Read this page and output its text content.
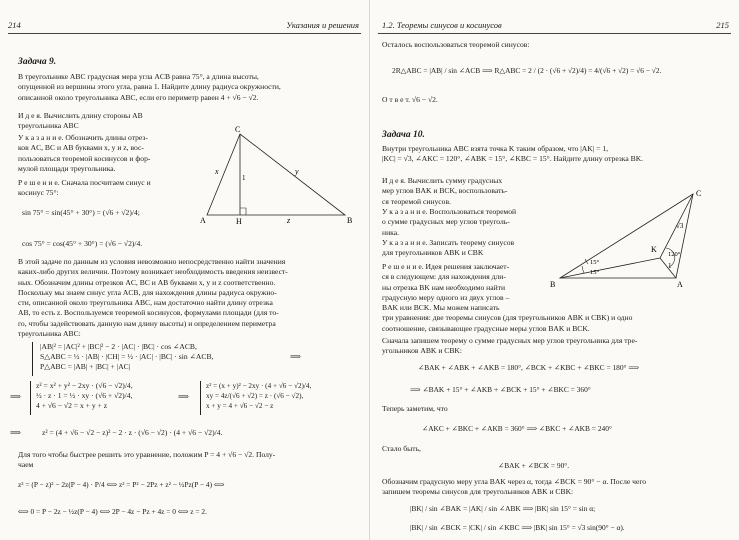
214	Указания и решения
Задача 9.
В треугольнике ABC градусная мера угла ACB равна 75°, а длина высоты,
опущенной из вершины этого угла, равна 1. Найдите длину радиуса окружности,
описанной около треугольника ABC, если его периметр равен 4 + √6 − √2.
И д е я. Вычислить длину стороны AB
треугольника ABC
У к а з а н и е. Обозначить длины отрез-
ков AC, BC и AB буквами x, y и z, вос-
пользоваться теоремой косинусов и фор-
мулой площади треугольника.
Р е ш е н и е. Сначала посчитаем синус и
косинус 75°:
sin 75° = sin(45° + 30°) = (√6 + √2)/4;
cos 75° = cos(45° + 30°) = (√6 − √2)/4.
C
A	B
H
x	y
z
1
В этой задаче по данным из условия невозможно непосредственно найти значения
каких-либо других величин. Поэтому возникает необходимость введения неизвест-
ных. Обозначим длины отрезков AC, BC и AB буквами x, y и z соответственно.
Поскольку мы знаем синус угла ACB, для нахождения длины радиуса окружно-
сти, описанной около треугольника ABC, нам достаточно найти длину отрезка
AB, то есть z. Воспользуемся теоремой косинусов, формулами площади (для то-
го, чтобы задействовать данную нам длину высоты) и определением периметра
треугольника ABC:
|AB|² = |AC|² + |BC|² − 2 · |AC| · |BC| · cos ∠ACB,
S△ABC = ½ · |AB| · |CH| = ½ · |AC| · |BC| · sin ∠ACB,
P△ABC = |AB| + |BC| + |AC|
⟹
⟹
z² = x² + y² − 2xy · (√6 − √2)/4,
½ · z · 1 = ½ · xy · (√6 + √2)/4,
4 + √6 − √2 = x + y + z
⟹
z² = (x + y)² − 2xy · (4 + √6 − √2)/4,
xy = 4z/(√6 + √2) = z · (√6 − √2),
x + y = 4 + √6 − √2 − z
⟹	z² = (4 + √6 − √2 − z)² − 2 · z · (√6 − √2) · (4 + √6 − √2)/4.
Для того чтобы быстрее решить это уравнение, положим P = 4 + √6 − √2. Полу-
чаем
z² = (P − z)² − 2z(P − 4) · P/4 ⟺ z² = P² − 2Pz + z² − ½Pz(P − 4) ⟺
⟺ 0 = P − 2z − ½z(P − 4) ⟺ 2P − 4z − Pz + 4z = 0 ⟺ z = 2.
1.2. Теоремы синусов и косинусов	215
Осталось воспользоваться теоремой синусов:
2R△ABC = |AB| / sin ∠ACB ⟹ R△ABC = 2 / (2 · (√6 + √2)/4) = 4/(√6 + √2) = √6 − √2.
О т в е т. √6 − √2.
Задача 10.
Внутри треугольника ABC взята точка K таким образом, что |AK| = 1,
|KC| = √3, ∠AKC = 120°, ∠ABK = 15°, ∠KBC = 15°. Найдите длину отрезка BK.
И д е я. Вычислить сумму градусных
мер углов BAK и BCK, воспользовать-
ся теоремой синусов.
У к а з а н и е. Воспользоваться теоремой
о сумме градусных мер углов треуголь-
ника.
У к а з а н и е. Записать теорему синусов
для треугольников ABK и CBK
Р е ш е н и е. Идея решения заключает-
ся в следующем: для нахождения дли-
ны отрезка BK нам необходимо найти
градусную меру одного из двух углов –
BAK или BCK. Мы можем написать
три уравнения: две теоремы синусов (для треугольников ABK и CBK) и одно
соотношение, связывающее градусные меры углов BAK и BCK.
C
B	A
K
1
√3
120°
15°
15°
Сначала запишем теорему о сумме градусных мер углов треугольника для тре-
угольников ABK и CBK:
∠BAK + ∠ABK + ∠AKB = 180°, ∠BCK + ∠KBC + ∠BKC = 180° ⟹
⟹ ∠BAK + 15° + ∠AKB + ∠BCK + 15° + ∠BKC = 360°
Теперь заметим, что
∠AKC + ∠BKC + ∠AKB = 360° ⟹ ∠BKC + ∠AKB = 240°
Стало быть,
∠BAK + ∠BCK = 90°.
Обозначим градусную меру угла BAK через α, тогда ∠BCK = 90° − α. После чего
запишем теоремы синусов для треугольников ABK и CBK:
|BK| / sin ∠BAK = |AK| / sin ∠ABK ⟹ |BK| sin 15° = sin α;
|BK| / sin ∠BCK = |CK| / sin ∠KBC ⟹ |BK| sin 15° = √3 sin(90° − α).
